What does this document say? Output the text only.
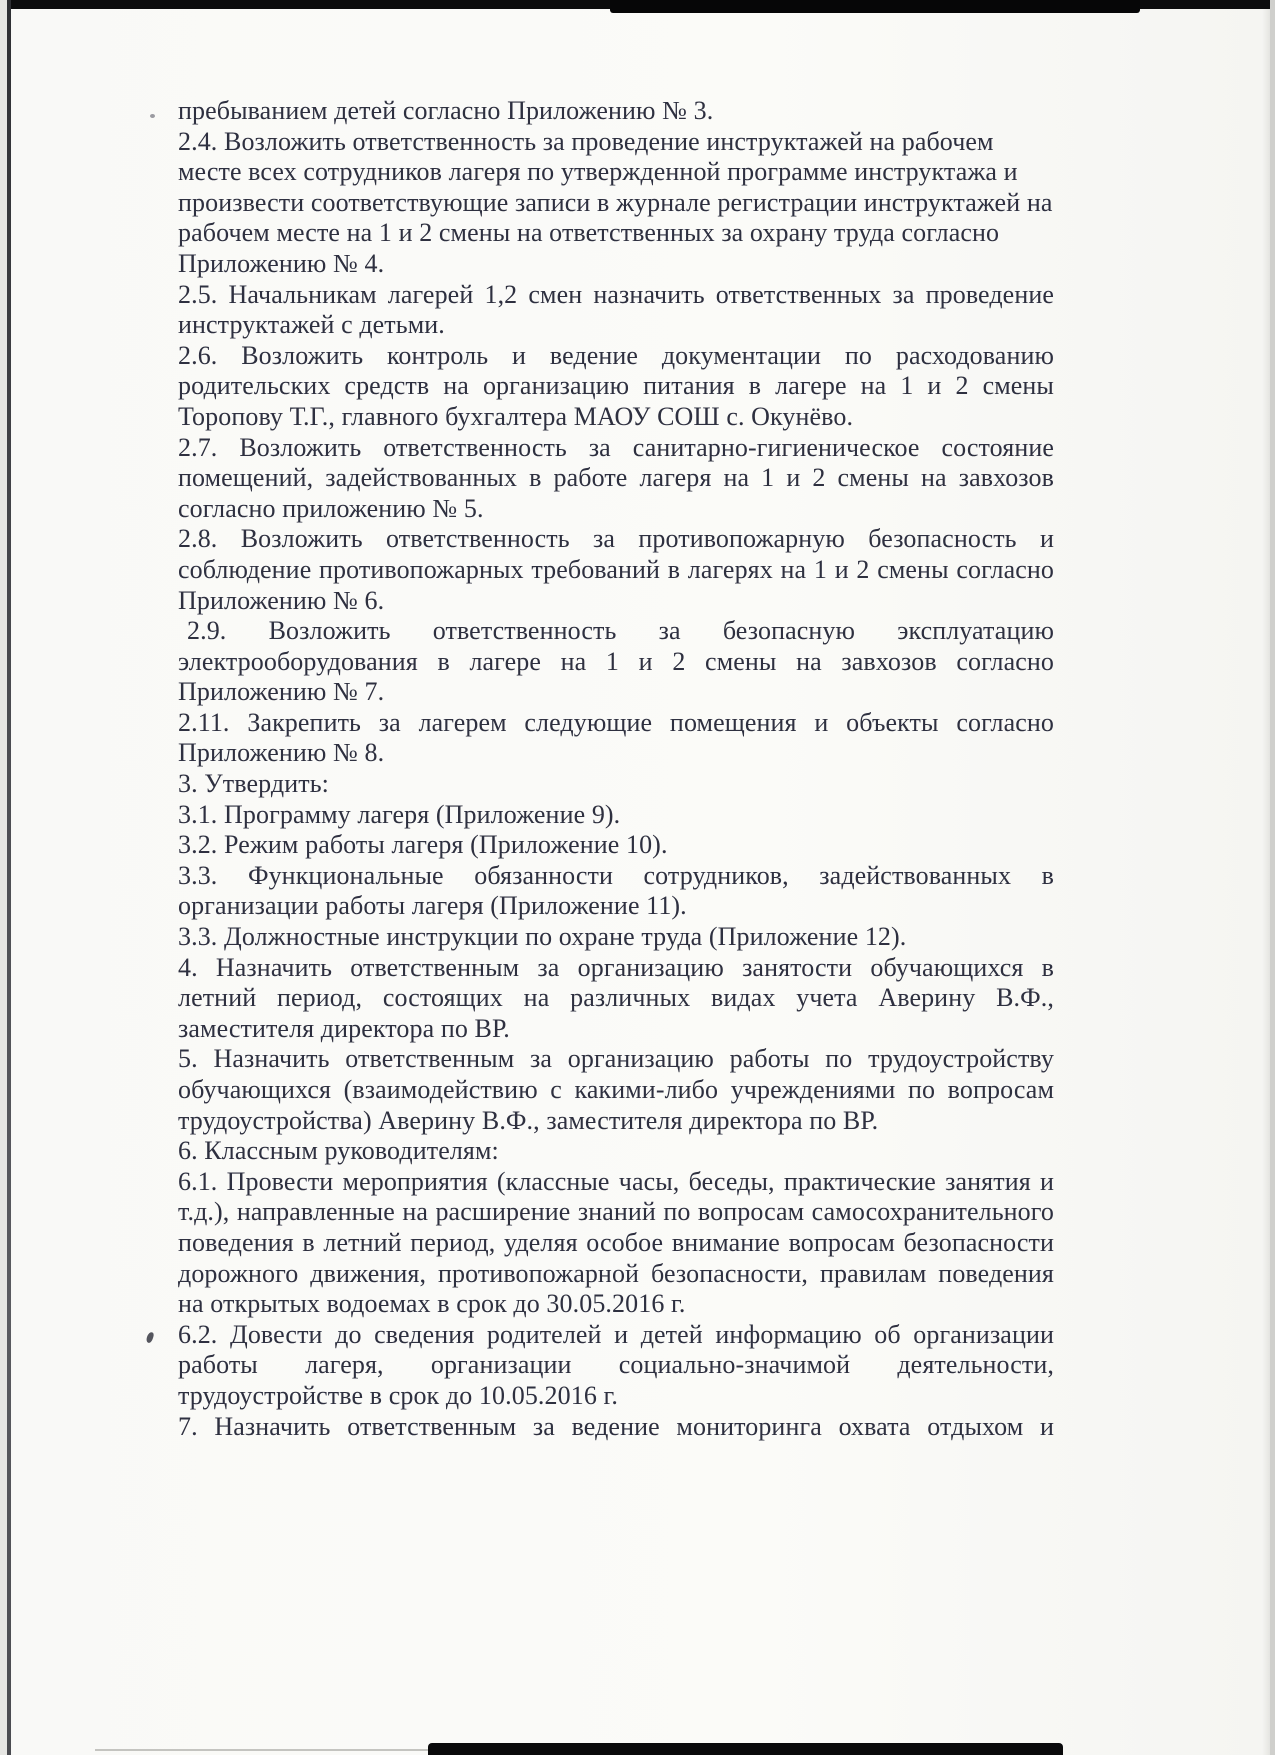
пребыванием детей согласно Приложению № 3.

2.4. Возложить ответственность за проведение инструктажей на рабочем месте всех сотрудников лагеря по утвержденной программе инструктажа и произвести соответствующие записи в журнале регистрации инструктажей на рабочем месте на 1 и 2 смены на ответственных за охрану труда согласно Приложению № 4.

2.5. Начальникам лагерей 1,2 смен назначить ответственных за проведение инструктажей с детьми.

2.6. Возложить контроль и ведение документации по расходованию родительских средств на организацию питания в лагере на 1 и 2 смены Торопову Т.Г., главного бухгалтера МАОУ СОШ с. Окунёво.

2.7. Возложить ответственность за санитарно-гигиеническое состояние помещений, задействованных в работе лагеря на 1 и 2 смены на завхозов согласно приложению № 5.

2.8. Возложить ответственность за противопожарную безопасность и соблюдение противопожарных требований в лагерях на 1 и 2 смены согласно Приложению № 6.

2.9. Возложить ответственность за безопасную эксплуатацию электрооборудования в лагере на 1 и 2 смены на завхозов согласно Приложению № 7.

2.11. Закрепить за лагерем следующие помещения и объекты согласно Приложению № 8.

3. Утвердить:

3.1. Программу лагеря (Приложение 9).

3.2. Режим работы лагеря (Приложение 10).

3.3. Функциональные обязанности сотрудников, задействованных в организации работы лагеря (Приложение 11).

3.3. Должностные инструкции по охране труда (Приложение 12).

4. Назначить ответственным за организацию занятости обучающихся в летний период, состоящих на различных видах учета Аверину В.Ф., заместителя директора по ВР.

5. Назначить ответственным за организацию работы по трудоустройству обучающихся (взаимодействию с какими-либо учреждениями по вопросам трудоустройства) Аверину В.Ф., заместителя директора по ВР.

6. Классным руководителям:

6.1. Провести мероприятия (классные часы, беседы, практические занятия и т.д.), направленные на расширение знаний по вопросам самосохранительного поведения в летний период, уделяя особое внимание вопросам безопасности дорожного движения, противопожарной безопасности, правилам поведения на открытых водоемах в срок до 30.05.2016 г.

6.2. Довести до сведения родителей и детей информацию об организации работы лагеря, организации социально-значимой деятельности, трудоустройстве в срок до 10.05.2016 г.

7. Назначить ответственным за ведение мониторинга охвата отдыхом и
